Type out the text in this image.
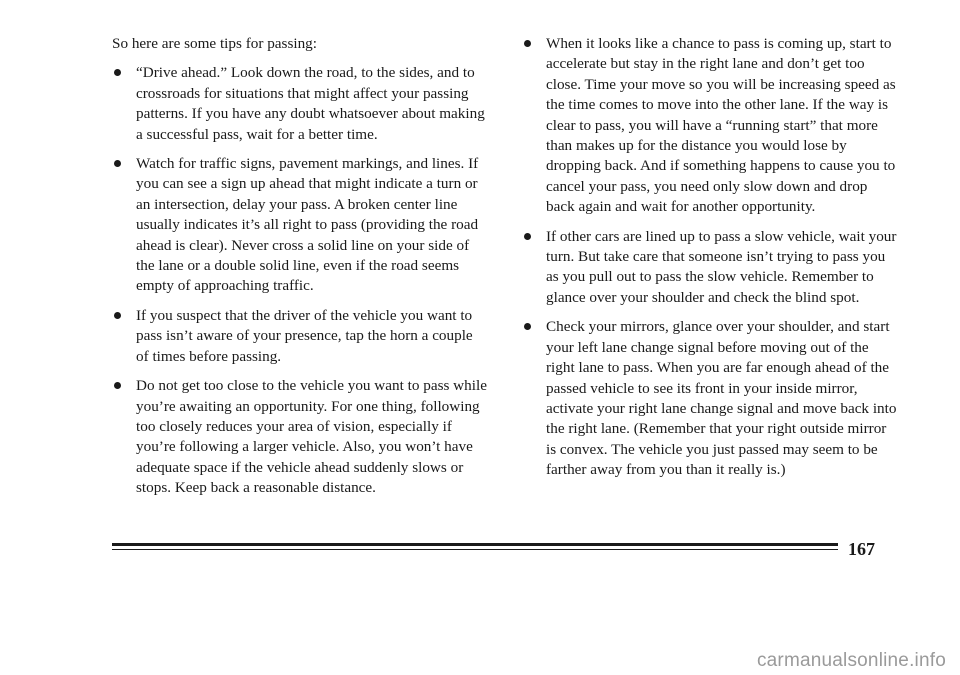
So here are some tips for passing:

“Drive ahead.” Look down the road, to the sides, and to crossroads for situations that might affect your passing patterns. If you have any doubt whatsoever about making a successful pass, wait for a better time.
Watch for traffic signs, pavement markings, and lines. If you can see a sign up ahead that might indicate a turn or an intersection, delay your pass. A broken center line usually indicates it’s all right to pass (providing the road ahead is clear). Never cross a solid line on your side of the lane or a double solid line, even if the road seems empty of approaching traffic.
If you suspect that the driver of the vehicle you want to pass isn’t aware of your presence, tap the horn a couple of times before passing.
Do not get too close to the vehicle you want to pass while you’re awaiting an opportunity. For one thing, following too closely reduces your area of vision, especially if you’re following a larger vehicle. Also, you won’t have adequate space if the vehicle ahead suddenly slows or stops. Keep back a reasonable distance.
When it looks like a chance to pass is coming up, start to accelerate but stay in the right lane and don’t get too close. Time your move so you will be increasing speed as the time comes to move into the other lane. If the way is clear to pass, you will have a “running start” that more than makes up for the distance you would lose by dropping back. And if something happens to cause you to cancel your pass, you need only slow down and drop back again and wait for another opportunity.
If other cars are lined up to pass a slow vehicle, wait your turn. But take care that someone isn’t trying to pass you as you pull out to pass the slow vehicle. Remember to glance over your shoulder and check the blind spot.
Check your mirrors, glance over your shoulder, and start your left lane change signal before moving out of the right lane to pass. When you are far enough ahead of the passed vehicle to see its front in your inside mirror, activate your right lane change signal and move back into the right lane. (Remember that your right outside mirror is convex. The vehicle you just passed may seem to be farther away from you than it really is.)
167
carmanualsonline.info
